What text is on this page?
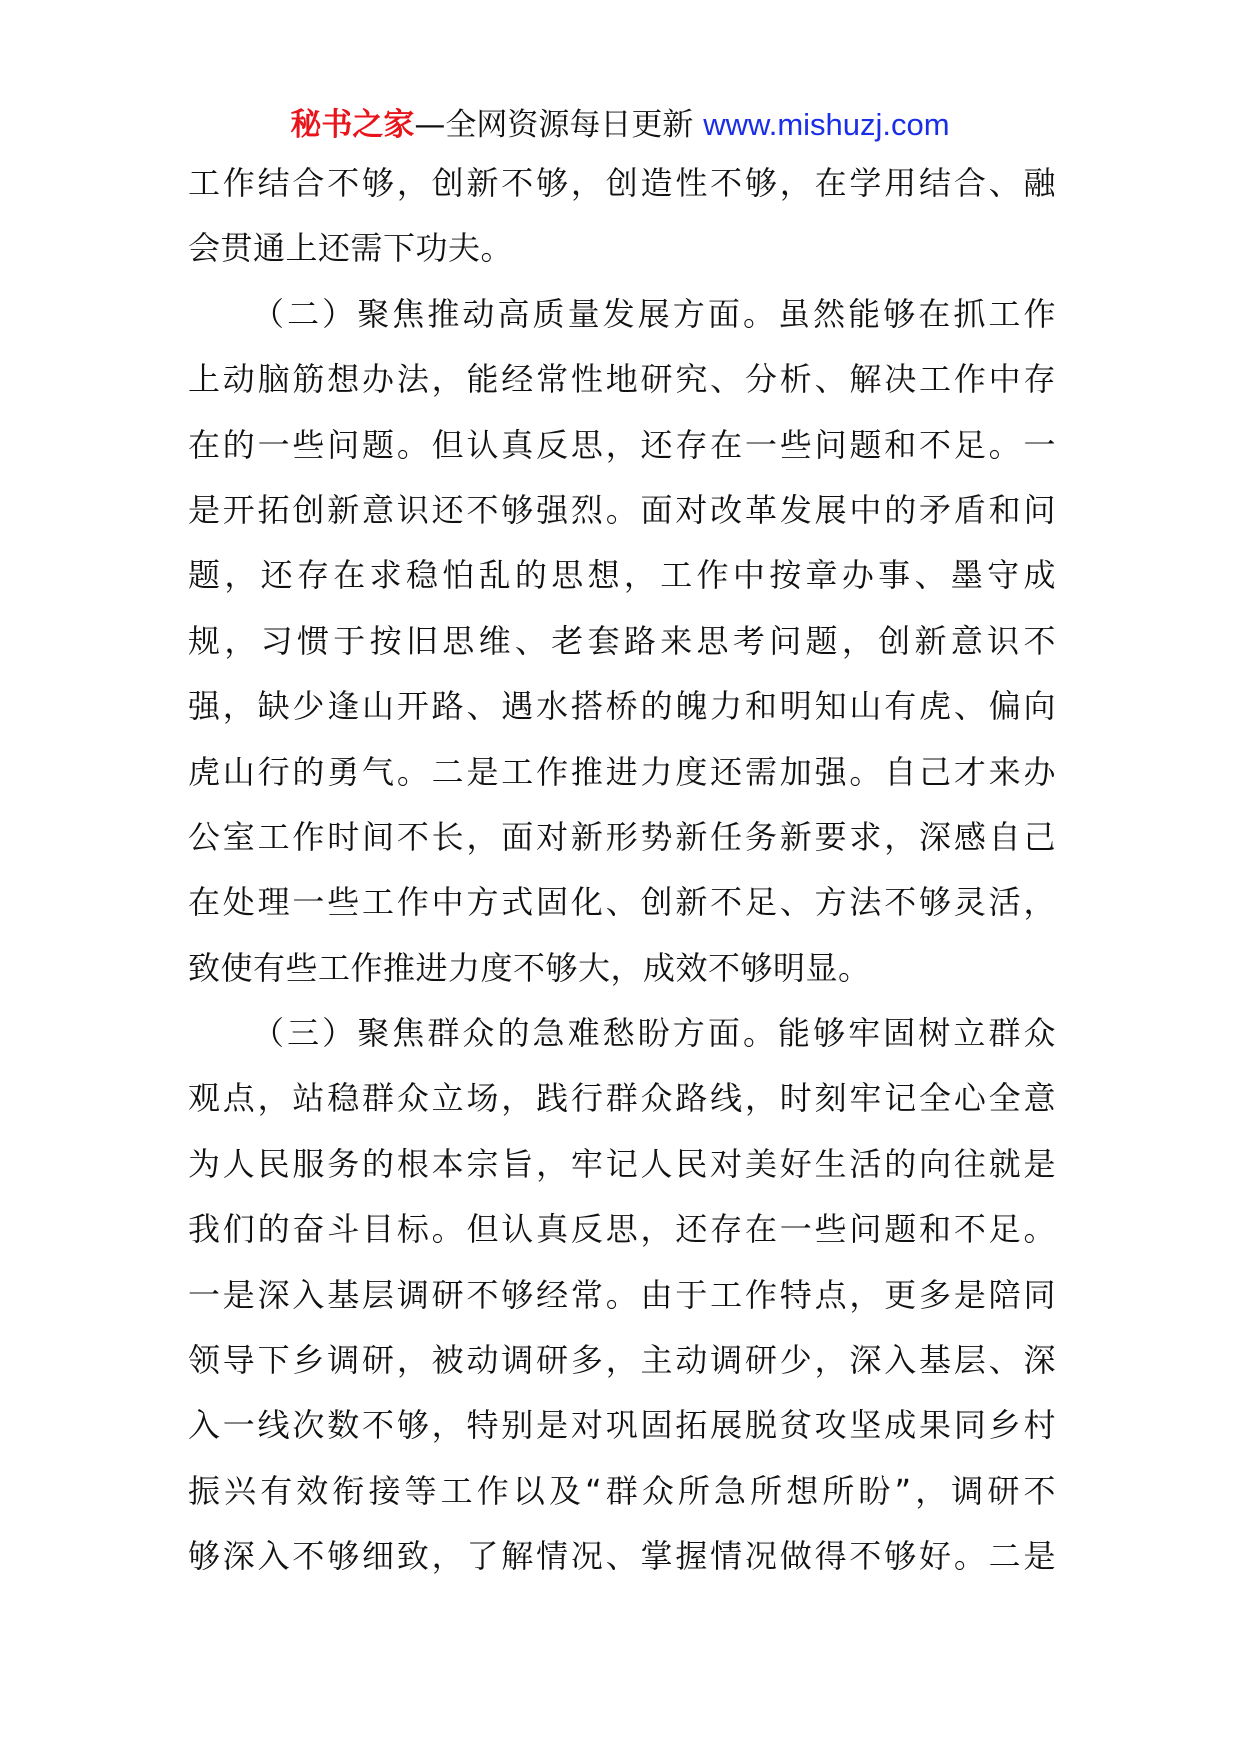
秘书之家—全网资源每日更新 www.mishuzj.com
工作结合不够，创新不够，创造性不够，在学用结合、融
会贯通上还需下功夫。
（二）聚焦推动高质量发展方面。虽然能够在抓工作
上动脑筋想办法，能经常性地研究、分析、解决工作中存
在的一些问题。但认真反思，还存在一些问题和不足。一
是开拓创新意识还不够强烈。面对改革发展中的矛盾和问
题，还存在求稳怕乱的思想，工作中按章办事、墨守成
规，习惯于按旧思维、老套路来思考问题，创新意识不
强，缺少逢山开路、遇水搭桥的魄力和明知山有虎、偏向
虎山行的勇气。二是工作推进力度还需加强。自己才来办
公室工作时间不长，面对新形势新任务新要求，深感自己
在处理一些工作中方式固化、创新不足、方法不够灵活，
致使有些工作推进力度不够大，成效不够明显。
（三）聚焦群众的急难愁盼方面。能够牢固树立群众
观点，站稳群众立场，践行群众路线，时刻牢记全心全意
为人民服务的根本宗旨，牢记人民对美好生活的向往就是
我们的奋斗目标。但认真反思，还存在一些问题和不足。
一是深入基层调研不够经常。由于工作特点，更多是陪同
领导下乡调研，被动调研多，主动调研少，深入基层、深
入一线次数不够，特别是对巩固拓展脱贫攻坚成果同乡村
振兴有效衔接等工作以及“群众所急所想所盼”，调研不
够深入不够细致，了解情况、掌握情况做得不够好。二是
